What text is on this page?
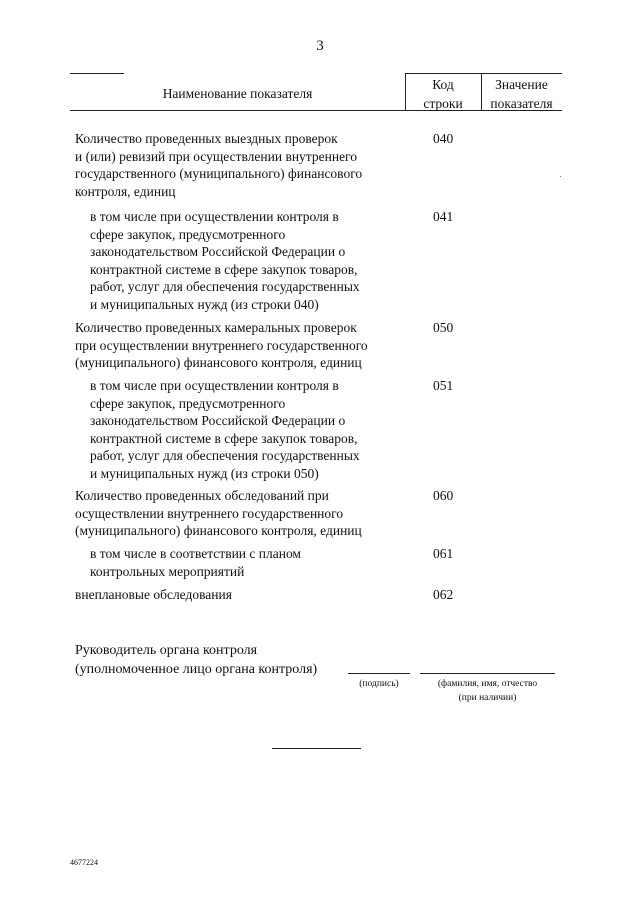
3
Наименование показателя
Код
строки
Значение
показателя
Количество проведенных выездных проверок
и (или) ревизий при осуществлении внутреннего
государственного (муниципального) финансового
контроля, единиц
040
в том числе при осуществлении контроля в
сфере закупок, предусмотренного
законодательством Российской Федерации о
контрактной системе в сфере закупок товаров,
работ, услуг для обеспечения государственных
и муниципальных нужд (из строки 040)
041
Количество проведенных камеральных проверок
при осуществлении внутреннего государственного
(муниципального) финансового контроля, единиц
050
в том числе при осуществлении контроля в
сфере закупок, предусмотренного
законодательством Российской Федерации о
контрактной системе в сфере закупок товаров,
работ, услуг для обеспечения государственных
и муниципальных нужд (из строки 050)
051
Количество проведенных обследований при
осуществлении внутреннего государственного
(муниципального) финансового контроля, единиц
060
в том числе в соответствии с планом
контрольных мероприятий
061
внеплановые обследования	062
Руководитель органа контроля
(уполномоченное лицо органа контроля)
(подпись)	(фамилия, имя, отчество
(при наличии)
4677224
